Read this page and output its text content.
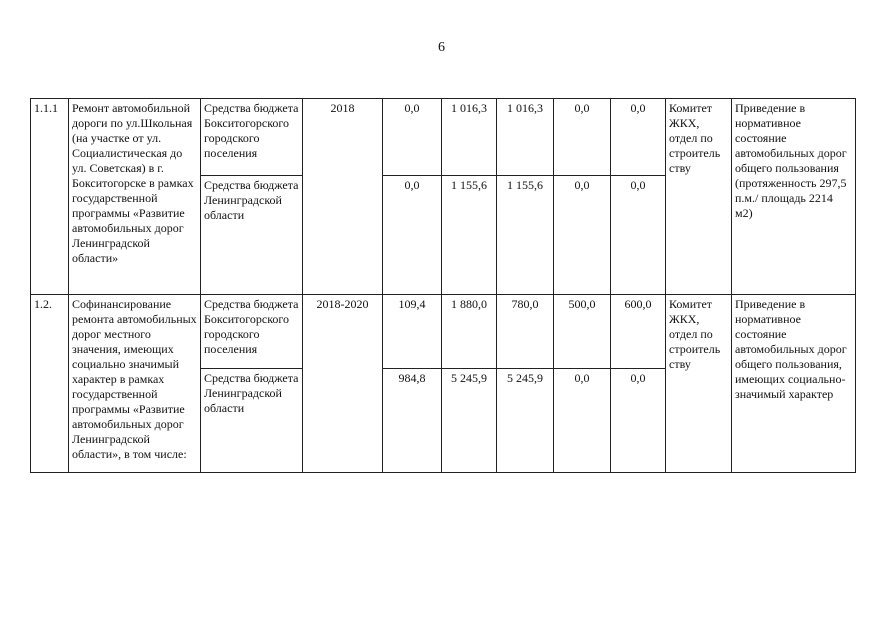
6
1.1.1	Ремонт автомобильной дороги по ул.Школьная (на участке от ул. Социалистическая до ул. Советская) в г. Бокситогорске в рамках государственной программы «Развитие автомобильных дорог Ленинградской области»	Средства бюджета Бокситогорского городского поселения	2018	0,0	1 016,3	1 016,3	0,0	0,0	Комитет ЖКХ, отдел по строитель ству	Приведение в нормативное состояние автомобильных дорог общего пользования (протяженность 297,5 п.м./ площадь 2214 м2)
		Средства бюджета Ленинградской области		0,0	1 155,6	1 155,6	0,0	0,0		
1.2.	Софинансирование ремонта автомобильных дорог местного значения, имеющих социально значимый характер в рамках государственной программы «Развитие автомобильных дорог Ленинградской области», в том числе:	Средства бюджета Бокситогорского городского поселения	2018-2020	109,4	1 880,0	780,0	500,0	600,0	Комитет ЖКХ, отдел по строитель ству	Приведение в нормативное состояние автомобильных дорог общего пользования, имеющих социально-значимый характер
		Средства бюджета Ленинградской области		984,8	5 245,9	5 245,9	0,0	0,0		
